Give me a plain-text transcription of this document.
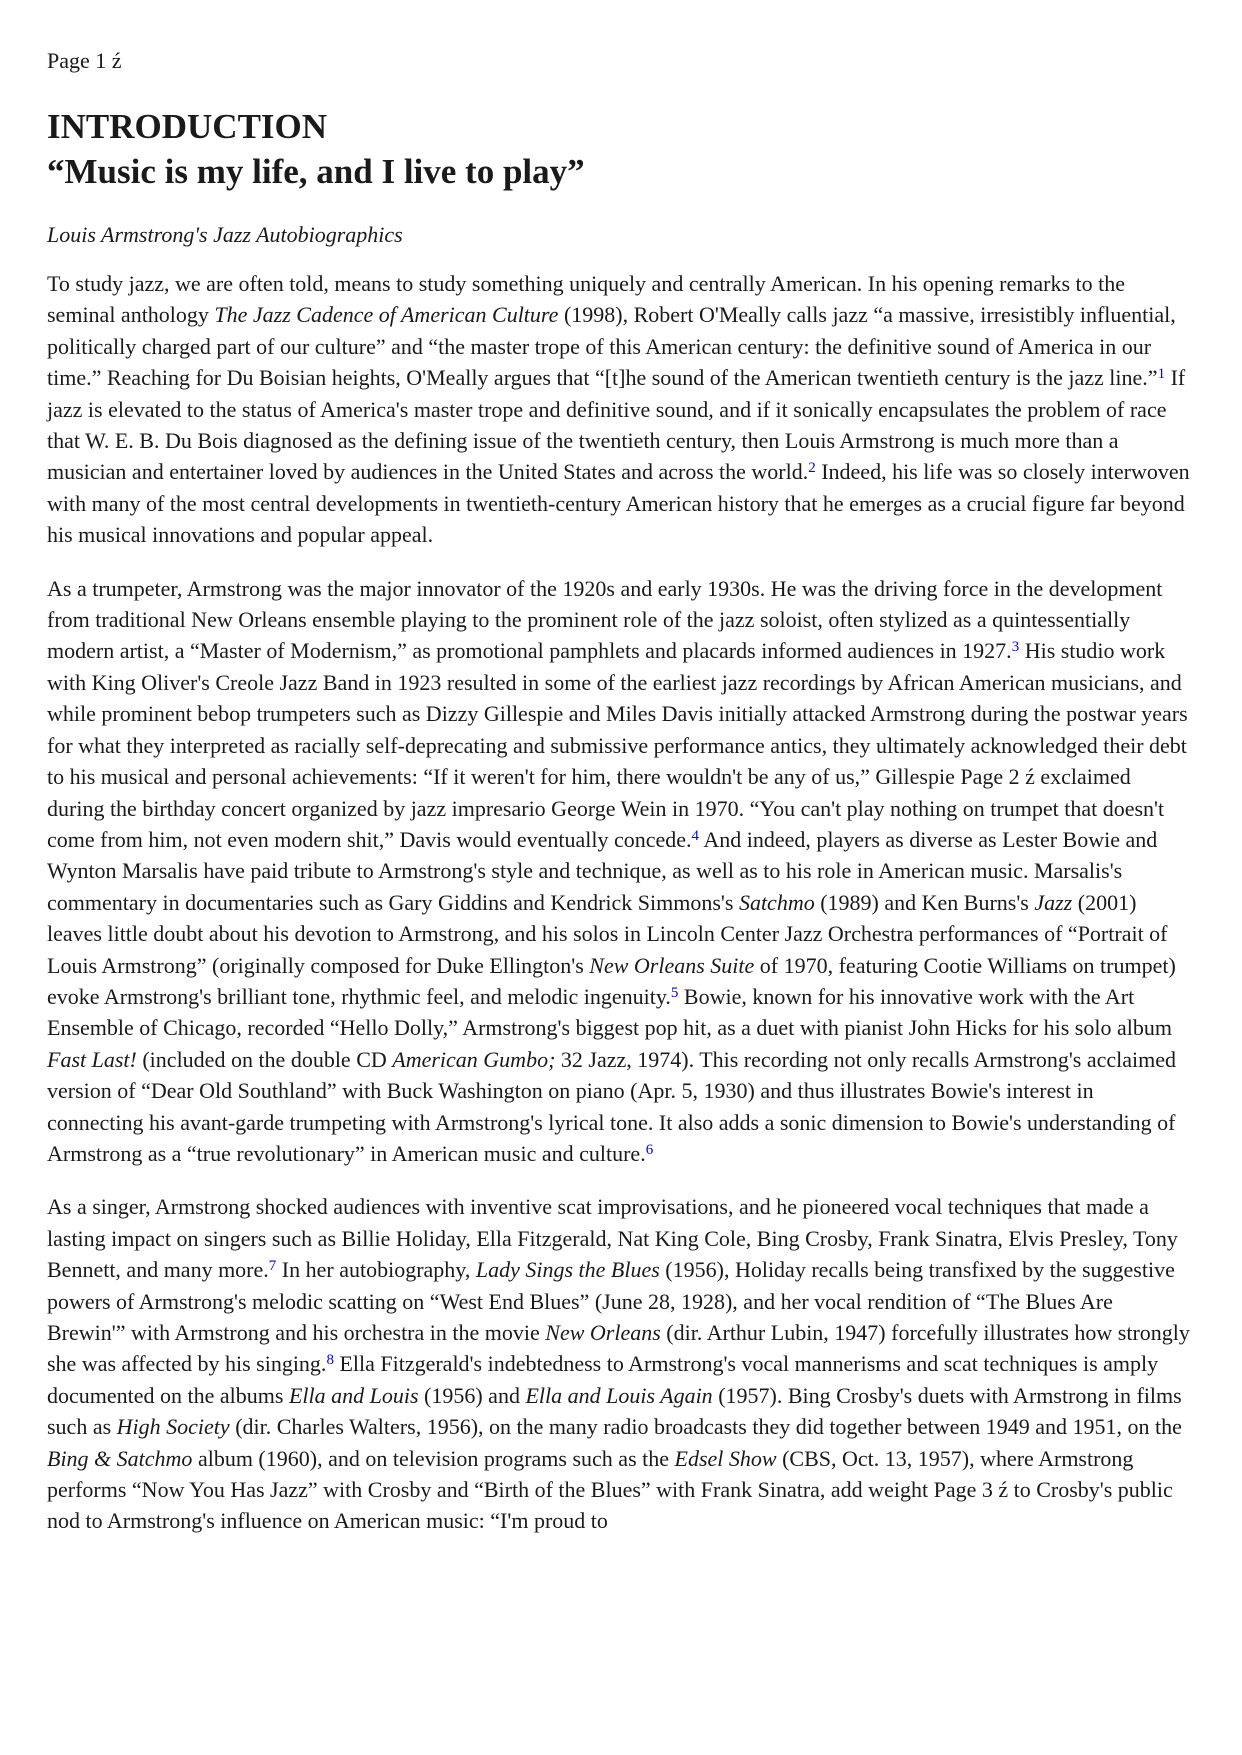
Page 1 ź
INTRODUCTION
“Music is my life, and I live to play”
Louis Armstrong's Jazz Autobiographics

To study jazz, we are often told, means to study something uniquely and centrally American. In his opening remarks to the seminal anthology The Jazz Cadence of American Culture (1998), Robert O'Meally calls jazz “a massive, irresistibly influential, politically charged part of our culture” and “the master trope of this American century: the definitive sound of America in our time.” Reaching for Du Boisian heights, O'Meally argues that “[t]he sound of the American twentieth century is the jazz line.”$^1$ If jazz is elevated to the status of America's master trope and definitive sound, and if it sonically encapsulates the problem of race that W. E. B. Du Bois diagnosed as the defining issue of the twentieth century, then Louis Armstrong is much more than a musician and entertainer loved by audiences in the United States and across the world.$^2$ Indeed, his life was so closely interwoven with many of the most central developments in twentieth-century American history that he emerges as a crucial figure far beyond his musical innovations and popular appeal.

As a trumpeter, Armstrong was the major innovator of the 1920s and early 1930s. He was the driving force in the development from traditional New Orleans ensemble playing to the prominent role of the jazz soloist, often stylized as a quintessentially modern artist, a “Master of Modernism,” as promotional pamphlets and placards informed audiences in 1927.$^3$ His studio work with King Oliver's Creole Jazz Band in 1923 resulted in some of the earliest jazz recordings by African American musicians, and while prominent bebop trumpeters such as Dizzy Gillespie and Miles Davis initially attacked Armstrong during the postwar years for what they interpreted as racially self-deprecating and submissive performance antics, they ultimately acknowledged their debt to his musical and personal achievements: “If it weren't for him, there wouldn't be any of us,” Gillespie Page 2 ź exclaimed during the birthday concert organized by jazz impresario George Wein in 1970. “You can't play nothing on trumpet that doesn't come from him, not even modern shit,” Davis would eventually concede.$^4$ And indeed, players as diverse as Lester Bowie and Wynton Marsalis have paid tribute to Armstrong's style and technique, as well as to his role in American music. Marsalis's commentary in documentaries such as Gary Giddins and Kendrick Simmons's Satchmo (1989) and Ken Burns's Jazz (2001) leaves little doubt about his devotion to Armstrong, and his solos in Lincoln Center Jazz Orchestra performances of “Portrait of Louis Armstrong” (originally composed for Duke Ellington's New Orleans Suite of 1970, featuring Cootie Williams on trumpet) evoke Armstrong's brilliant tone, rhythmic feel, and melodic ingenuity.$^5$ Bowie, known for his innovative work with the Art Ensemble of Chicago, recorded “Hello Dolly,” Armstrong's biggest pop hit, as a duet with pianist John Hicks for his solo album Fast Last! (included on the double CD American Gumbo; 32 Jazz, 1974). This recording not only recalls Armstrong's acclaimed version of “Dear Old Southland” with Buck Washington on piano (Apr. 5, 1930) and thus illustrates Bowie's interest in connecting his avant-garde trumpeting with Armstrong's lyrical tone. It also adds a sonic dimension to Bowie's understanding of Armstrong as a “true revolutionary” in American music and culture.$^6$

As a singer, Armstrong shocked audiences with inventive scat improvisations, and he pioneered vocal techniques that made a lasting impact on singers such as Billie Holiday, Ella Fitzgerald, Nat King Cole, Bing Crosby, Frank Sinatra, Elvis Presley, Tony Bennett, and many more.$^7$ In her autobiography, Lady Sings the Blues (1956), Holiday recalls being transfixed by the suggestive powers of Armstrong's melodic scatting on “West End Blues” (June 28, 1928), and her vocal rendition of “The Blues Are Brewin'” with Armstrong and his orchestra in the movie New Orleans (dir. Arthur Lubin, 1947) forcefully illustrates how strongly she was affected by his singing.$^8$ Ella Fitzgerald's indebtedness to Armstrong's vocal mannerisms and scat techniques is amply documented on the albums Ella and Louis (1956) and Ella and Louis Again (1957). Bing Crosby's duets with Armstrong in films such as High Society (dir. Charles Walters, 1956), on the many radio broadcasts they did together between 1949 and 1951, on the Bing & Satchmo album (1960), and on television programs such as the Edsel Show (CBS, Oct. 13, 1957), where Armstrong performs “Now You Has Jazz” with Crosby and “Birth of the Blues” with Frank Sinatra, add weight Page 3 ź to Crosby's public nod to Armstrong's influence on American music: “I'm proud to
